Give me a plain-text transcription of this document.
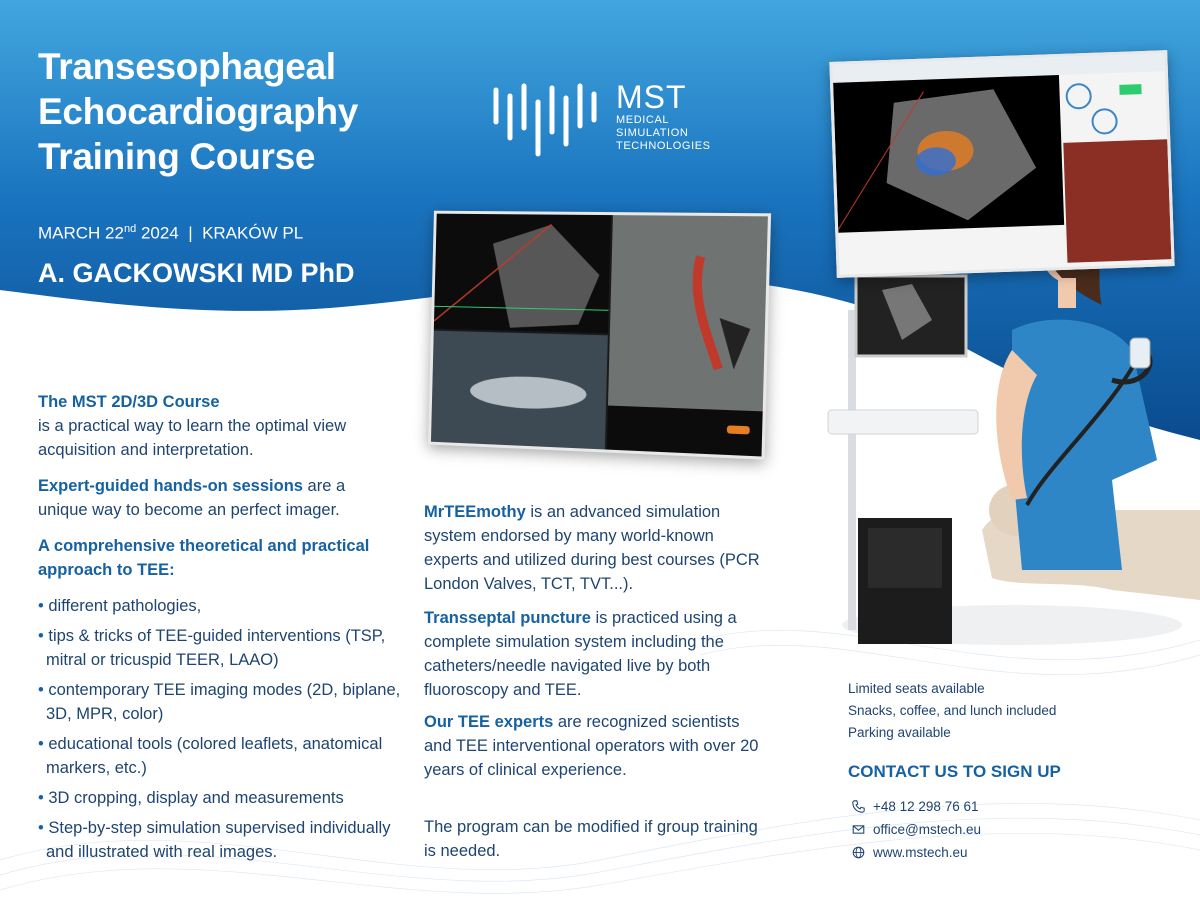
Transesophageal
Echocardiography
Training Course
MARCH 22nd 2024  |  KRAKÓW PL
A. GACKOWSKI MD PhD
MST
MEDICAL
SIMULATION
TECHNOLOGIES
The MST 2D/3D Course
is a practical way to learn the optimal view acquisition and interpretation.
Expert-guided hands-on sessions are a unique way to become an perfect imager.
A comprehensive theoretical and practical approach to TEE:
• different pathologies,
• tips & tricks of TEE-guided interventions (TSP, mitral or tricuspid TEER, LAAO)
• contemporary TEE imaging modes (2D, biplane, 3D, MPR, color)
• educational tools (colored leaflets, anatomical markers, etc.)
• 3D cropping, display and measurements
• Step-by-step simulation supervised individually and illustrated with real images.
MrTEEmothy is an advanced simulation system endorsed by many world-known experts and utilized during best courses (PCR London Valves, TCT, TVT...).
Transseptal puncture is practiced using a complete simulation system including the catheters/needle navigated live by both fluoroscopy and TEE.
Our TEE experts are recognized scientists and TEE interventional operators with over 20 years of clinical experience.
The program can be modified if group training is needed.
Limited seats available
Snacks, coffee, and lunch included
Parking available
CONTACT US TO SIGN UP
+48 12 298 76 61
office@mstech.eu
www.mstech.eu
